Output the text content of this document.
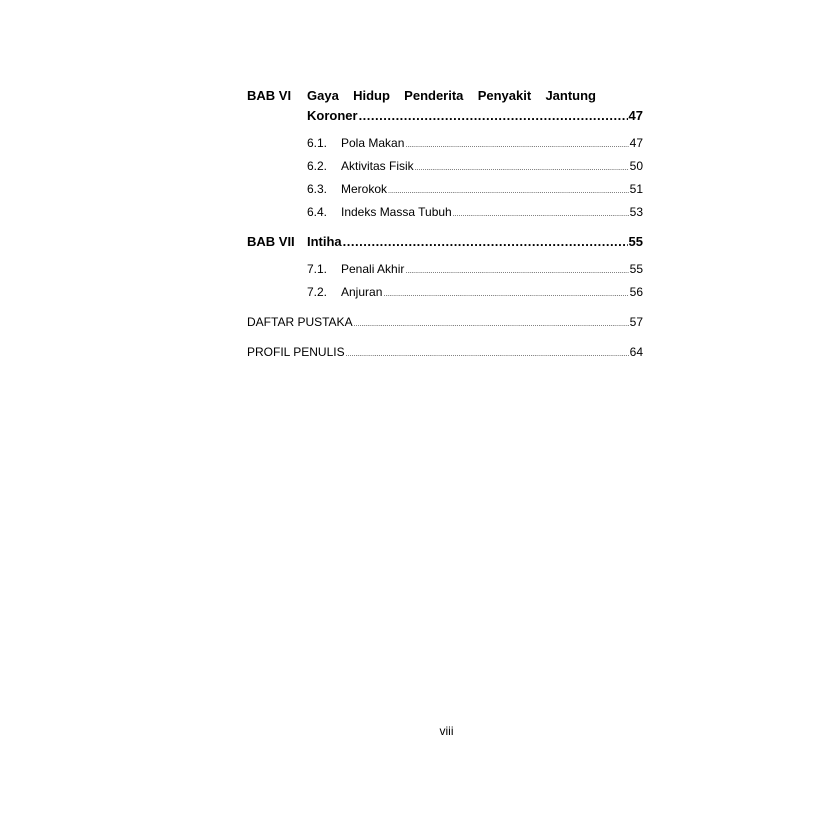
BAB VI	Gaya Hidup Penderita Penyakit Jantung
Koroner .....	47
6.1.	Pola Makan .....	47
6.2.	Aktivitas Fisik .....	50
6.3.	Merokok .....	51
6.4.	Indeks Massa Tubuh .....	53
BAB VII Intiha .....	55
7.1.	Penali Akhir .....	55
7.2.	Anjuran .....	56
DAFTAR PUSTAKA .....	57
PROFIL PENULIS .....	64
viii
